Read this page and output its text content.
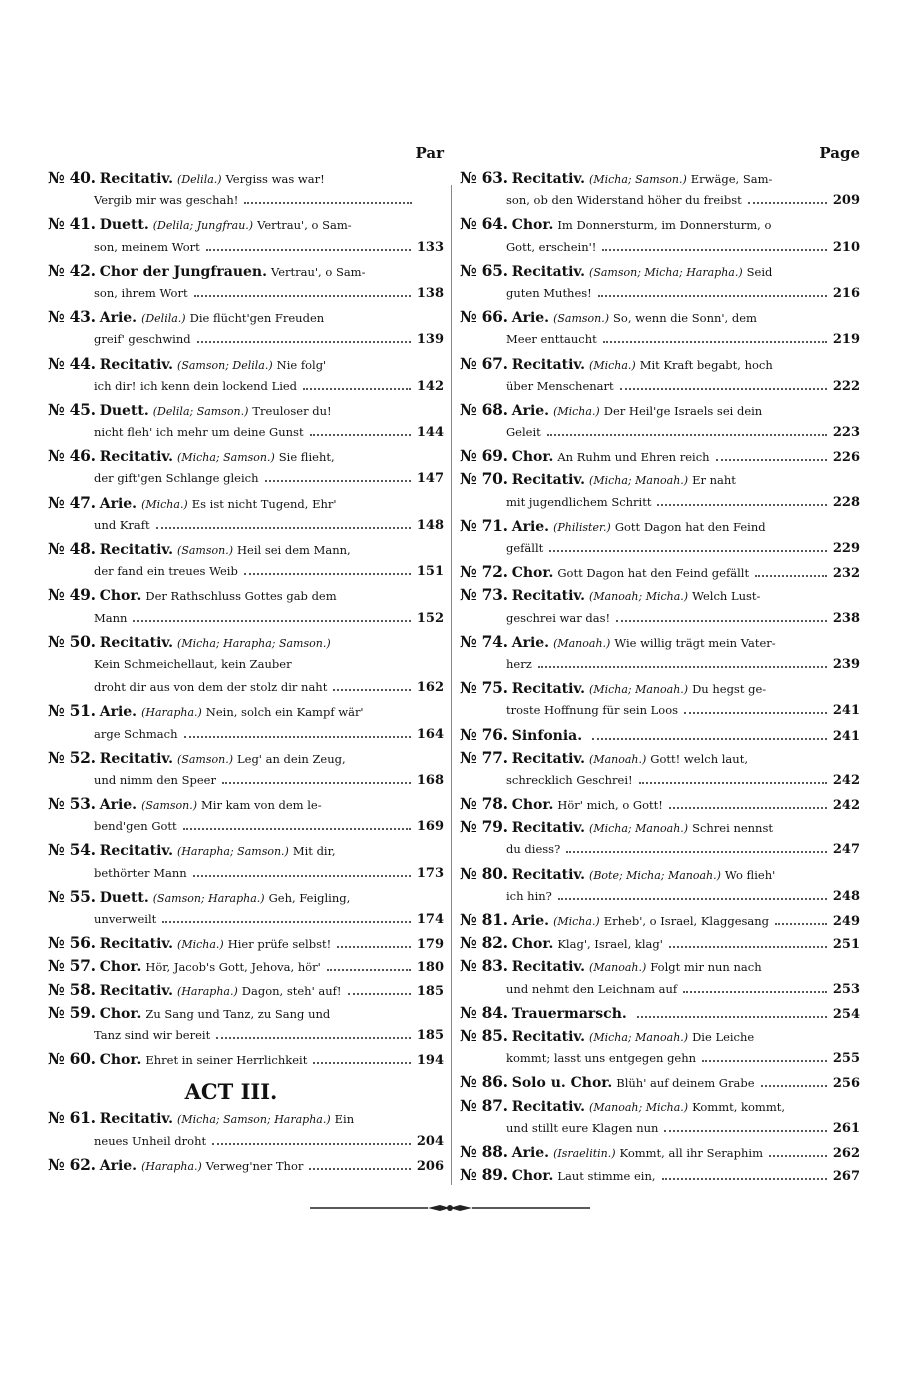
Par
№ 40. Recitativ. (Delila.) Vergiss was war!
Vergib mir was geschah!
№ 41. Duett. (Delila; Jungfrau.) Vertrau', o Sam-
son, meinem Wort	133
№ 42. Chor der Jungfrauen. Vertrau', o Sam-
son, ihrem Wort	138
№ 43. Arie. (Delila.) Die flücht'gen Freuden
greif' geschwind	139
№ 44. Recitativ. (Samson; Delila.) Nie folg'
ich dir! ich kenn dein lockend Lied	142
№ 45. Duett. (Delila; Samson.) Treuloser du!
nicht fleh' ich mehr um deine Gunst	144
№ 46. Recitativ. (Micha; Samson.) Sie flieht,
der gift'gen Schlange gleich	147
№ 47. Arie. (Micha.) Es ist nicht Tugend, Ehr'
und Kraft	148
№ 48. Recitativ. (Samson.) Heil sei dem Mann,
der fand ein treues Weib	151
№ 49. Chor. Der Rathschluss Gottes gab dem
Mann	152
№ 50. Recitativ. (Micha; Harapha; Samson.)
Kein Schmeichellaut, kein Zauber
droht dir aus von dem der stolz dir naht	162
№ 51. Arie. (Harapha.) Nein, solch ein Kampf wär'
arge Schmach	164
№ 52. Recitativ. (Samson.) Leg' an dein Zeug,
und nimm den Speer	168
№ 53. Arie. (Samson.) Mir kam von dem le-
bend'gen Gott	169
№ 54. Recitativ. (Harapha; Samson.) Mit dir,
bethörter Mann	173
№ 55. Duett. (Samson; Harapha.) Geh, Feigling,
unverweilt	174
№ 56. Recitativ. (Micha.) Hier prüfe selbst!	179
№ 57. Chor. Hör, Jacob's Gott, Jehova, hör'	180
№ 58. Recitativ. (Harapha.) Dagon, steh' auf!	185
№ 59. Chor. Zu Sang und Tanz, zu Sang und
Tanz sind wir bereit	185
№ 60. Chor. Ehret in seiner Herrlichkeit	194
ACT III.
№ 61. Recitativ. (Micha; Samson; Harapha.) Ein
neues Unheil droht	204
№ 62. Arie. (Harapha.) Verweg'ner Thor	206
Page
№ 63. Recitativ. (Micha; Samson.) Erwäge, Sam-
son, ob den Widerstand höher du freibst	209
№ 64. Chor. Im Donnersturm, im Donnersturm, o
Gott, erschein'!	210
№ 65. Recitativ. (Samson; Micha; Harapha.) Seid
guten Muthes!	216
№ 66. Arie. (Samson.) So, wenn die Sonn', dem
Meer enttaucht	219
№ 67. Recitativ. (Micha.) Mit Kraft begabt, hoch
über Menschenart	222
№ 68. Arie. (Micha.) Der Heil'ge Israels sei dein
Geleit	223
№ 69. Chor. An Ruhm und Ehren reich	226
№ 70. Recitativ. (Micha; Manoah.) Er naht
mit jugendlichem Schritt	228
№ 71. Arie. (Philister.) Gott Dagon hat den Feind
gefällt	229
№ 72. Chor. Gott Dagon hat den Feind gefällt	232
№ 73. Recitativ. (Manoah; Micha.) Welch Lust-
geschrei war das!	238
№ 74. Arie. (Manoah.) Wie willig trägt mein Vater-
herz	239
№ 75. Recitativ. (Micha; Manoah.) Du hegst ge-
troste Hoffnung für sein Loos	241
№ 76. Sinfonia.	241
№ 77. Recitativ. (Manoah.) Gott! welch laut,
schrecklich Geschrei!	242
№ 78. Chor. Hör' mich, o Gott!	242
№ 79. Recitativ. (Micha; Manoah.) Schrei nennst
du diess?	247
№ 80. Recitativ. (Bote; Micha; Manoah.) Wo flieh'
ich hin?	248
№ 81. Arie. (Micha.) Erheb', o Israel, Klaggesang	249
№ 82. Chor. Klag', Israel, klag'	251
№ 83. Recitativ. (Manoah.) Folgt mir nun nach
und nehmt den Leichnam auf	253
№ 84. Trauermarsch.	254
№ 85. Recitativ. (Micha; Manoah.) Die Leiche
kommt; lasst uns entgegen gehn	255
№ 86. Solo u. Chor. Blüh' auf deinem Grabe	256
№ 87. Recitativ. (Manoah; Micha.) Kommt, kommt,
und stillt eure Klagen nun	261
№ 88. Arie. (Israelitin.) Kommt, all ihr Seraphim	262
№ 89. Chor. Laut stimme ein,	267
